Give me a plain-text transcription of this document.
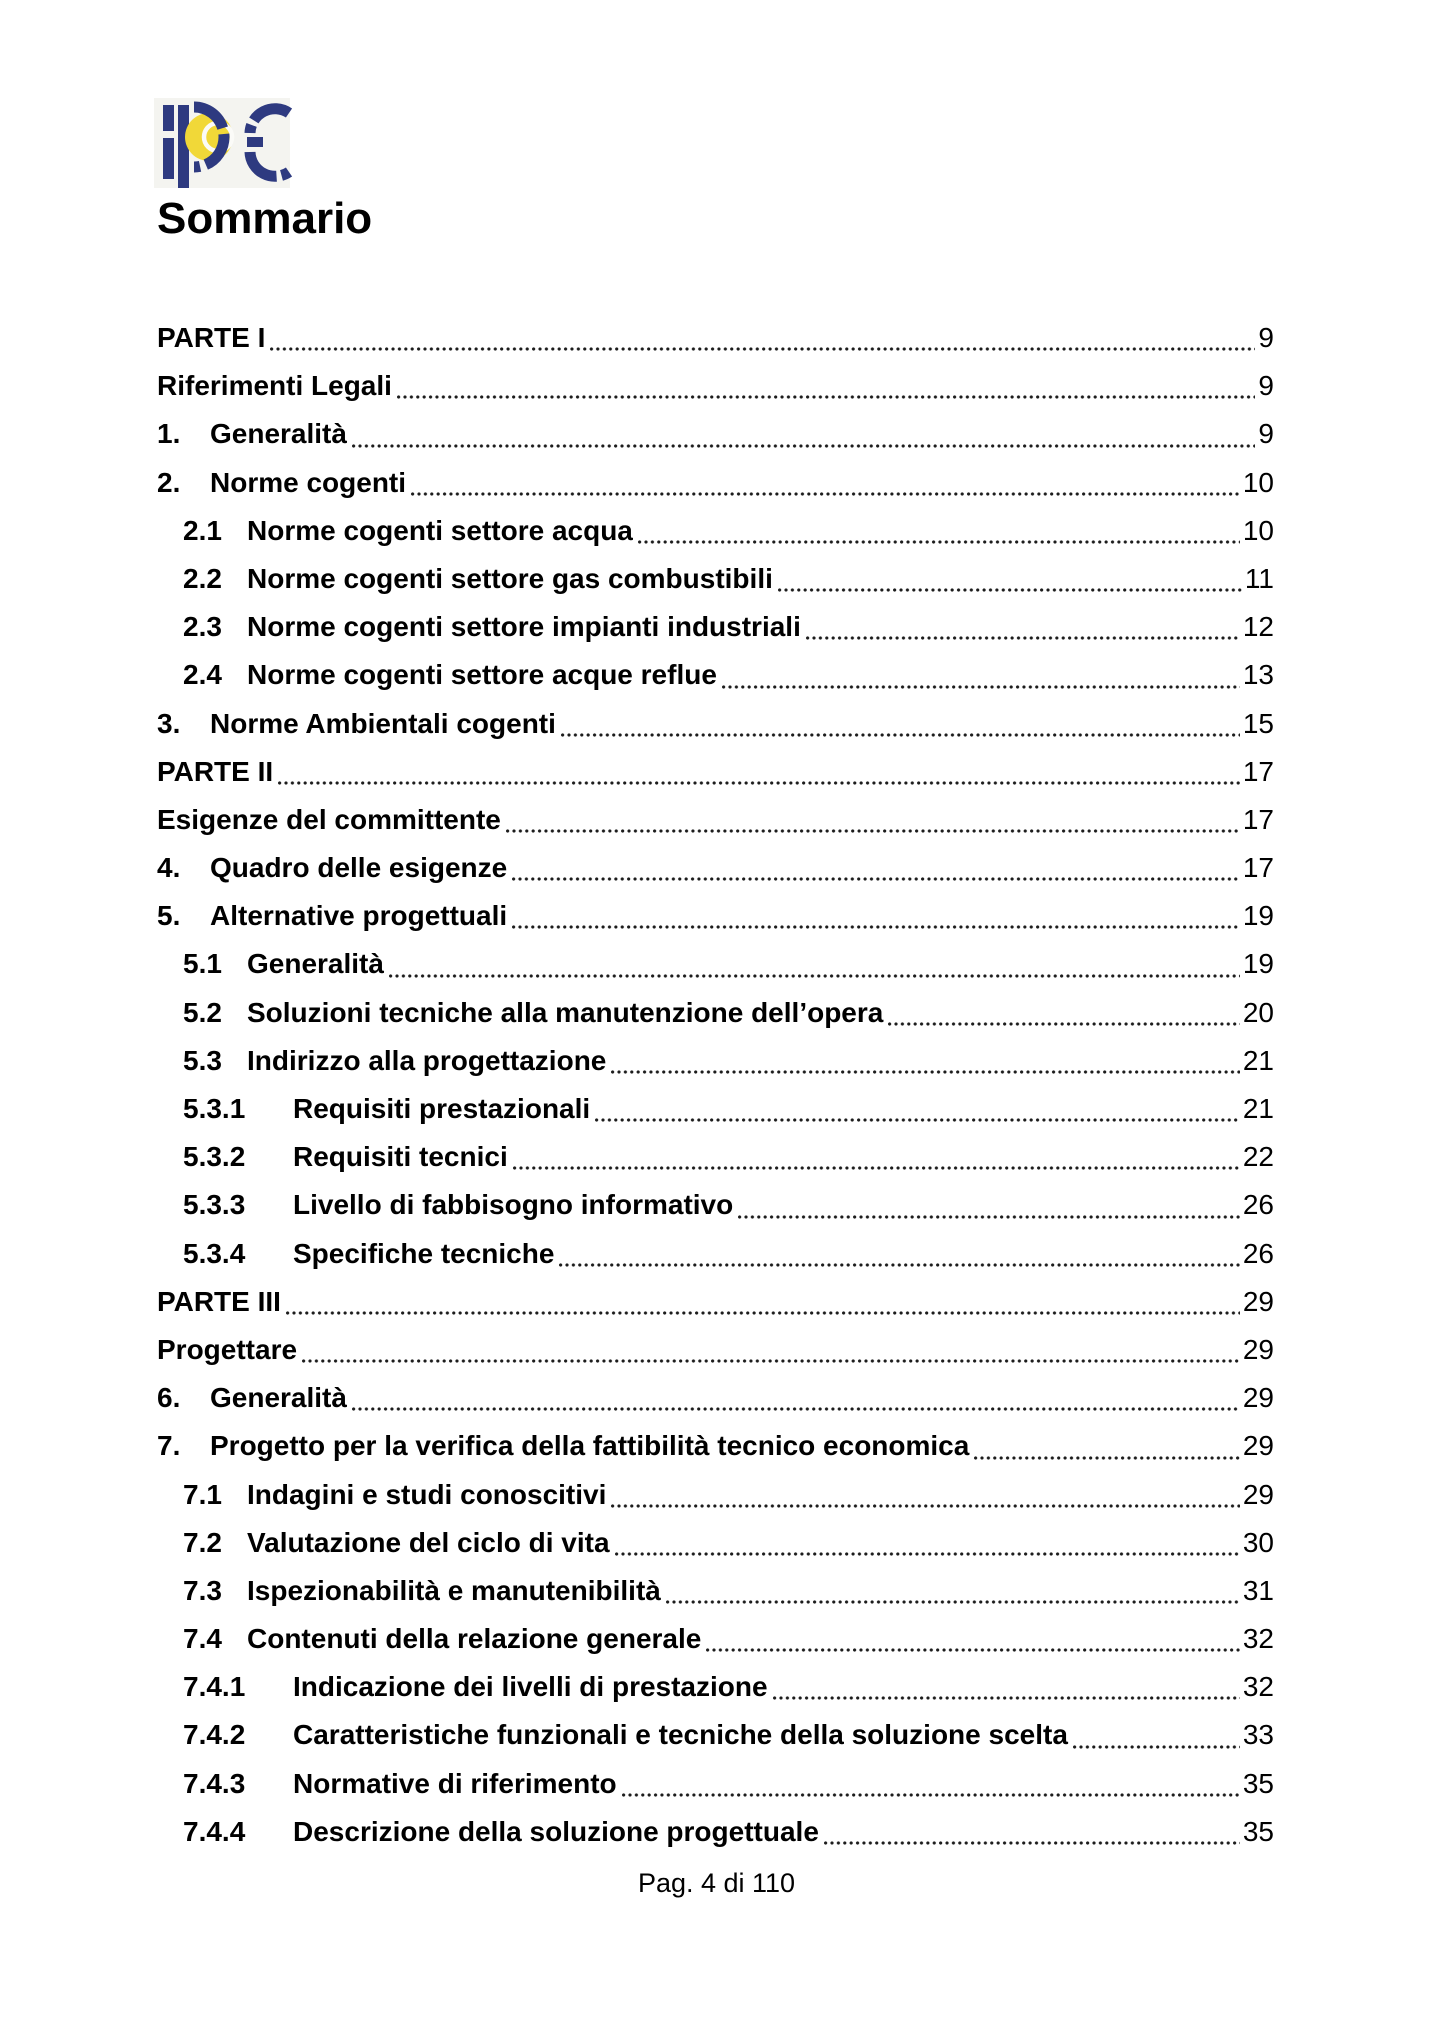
Sommario
PARTE I	9
Riferimenti Legali	9
1.	Generalità	9
2.	Norme cogenti	10
2.1 Norme cogenti settore acqua	10
2.2 Norme cogenti settore gas combustibili	11
2.3 Norme cogenti settore impianti industriali	12
2.4 Norme cogenti settore acque reflue	13
3.	Norme Ambientali cogenti	15
PARTE II	17
Esigenze del committente	17
4.	Quadro delle esigenze	17
5.	Alternative progettuali	19
5.1 Generalità	19
5.2 Soluzioni tecniche alla manutenzione dell’opera	20
5.3 Indirizzo alla progettazione	21
5.3.1	Requisiti prestazionali	21
5.3.2	Requisiti tecnici	22
5.3.3	Livello di fabbisogno informativo	26
5.3.4	Specifiche tecniche	26
PARTE III	29
Progettare	29
6.	Generalità	29
7.	Progetto per la verifica della fattibilità tecnico economica	29
7.1 Indagini e studi conoscitivi	29
7.2 Valutazione del ciclo di vita	30
7.3 Ispezionabilità e manutenibilità	31
7.4 Contenuti della relazione generale	32
7.4.1	Indicazione dei livelli di prestazione	32
7.4.2	Caratteristiche funzionali e tecniche della soluzione scelta	33
7.4.3	Normative di riferimento	35
7.4.4	Descrizione della soluzione progettuale	35
Pag. 4 di 110
